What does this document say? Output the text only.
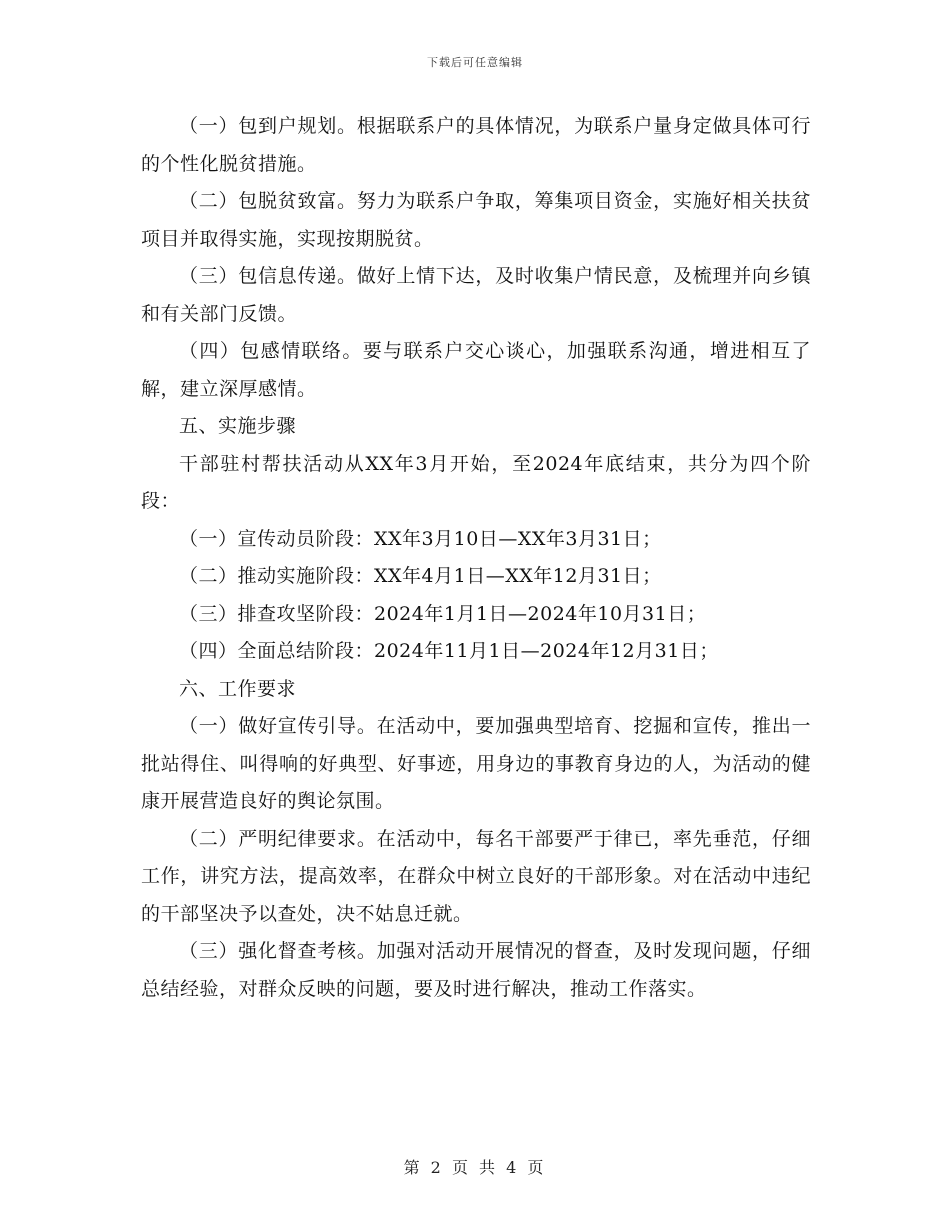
下载后可任意编辑

（一）包到户规划。根据联系户的具体情况，为联系户量身定做具体可行的个性化脱贫措施。

（二）包脱贫致富。努力为联系户争取，筹集项目资金，实施好相关扶贫项目并取得实施，实现按期脱贫。

（三）包信息传递。做好上情下达，及时收集户情民意，及梳理并向乡镇和有关部门反馈。

（四）包感情联络。要与联系户交心谈心，加强联系沟通，增进相互了解，建立深厚感情。

五、实施步骤

干部驻村帮扶活动从XX年3月开始，至2024年底结束，共分为四个阶段：

（一）宣传动员阶段：XX年3月10日—XX年3月31日；

（二）推动实施阶段：XX年4月1日—XX年12月31日；

（三）排查攻坚阶段：2024年1月1日—2024年10月31日；

（四）全面总结阶段：2024年11月1日—2024年12月31日；

六、工作要求

（一）做好宣传引导。在活动中，要加强典型培育、挖掘和宣传，推出一批站得住、叫得响的好典型、好事迹，用身边的事教育身边的人，为活动的健康开展营造良好的舆论氛围。

（二）严明纪律要求。在活动中，每名干部要严于律已，率先垂范，仔细工作，讲究方法，提高效率，在群众中树立良好的干部形象。对在活动中违纪的干部坚决予以查处，决不姑息迁就。

（三）强化督查考核。加强对活动开展情况的督查，及时发现问题，仔细总结经验，对群众反映的问题，要及时进行解决，推动工作落实。

第 2 页 共 4 页
